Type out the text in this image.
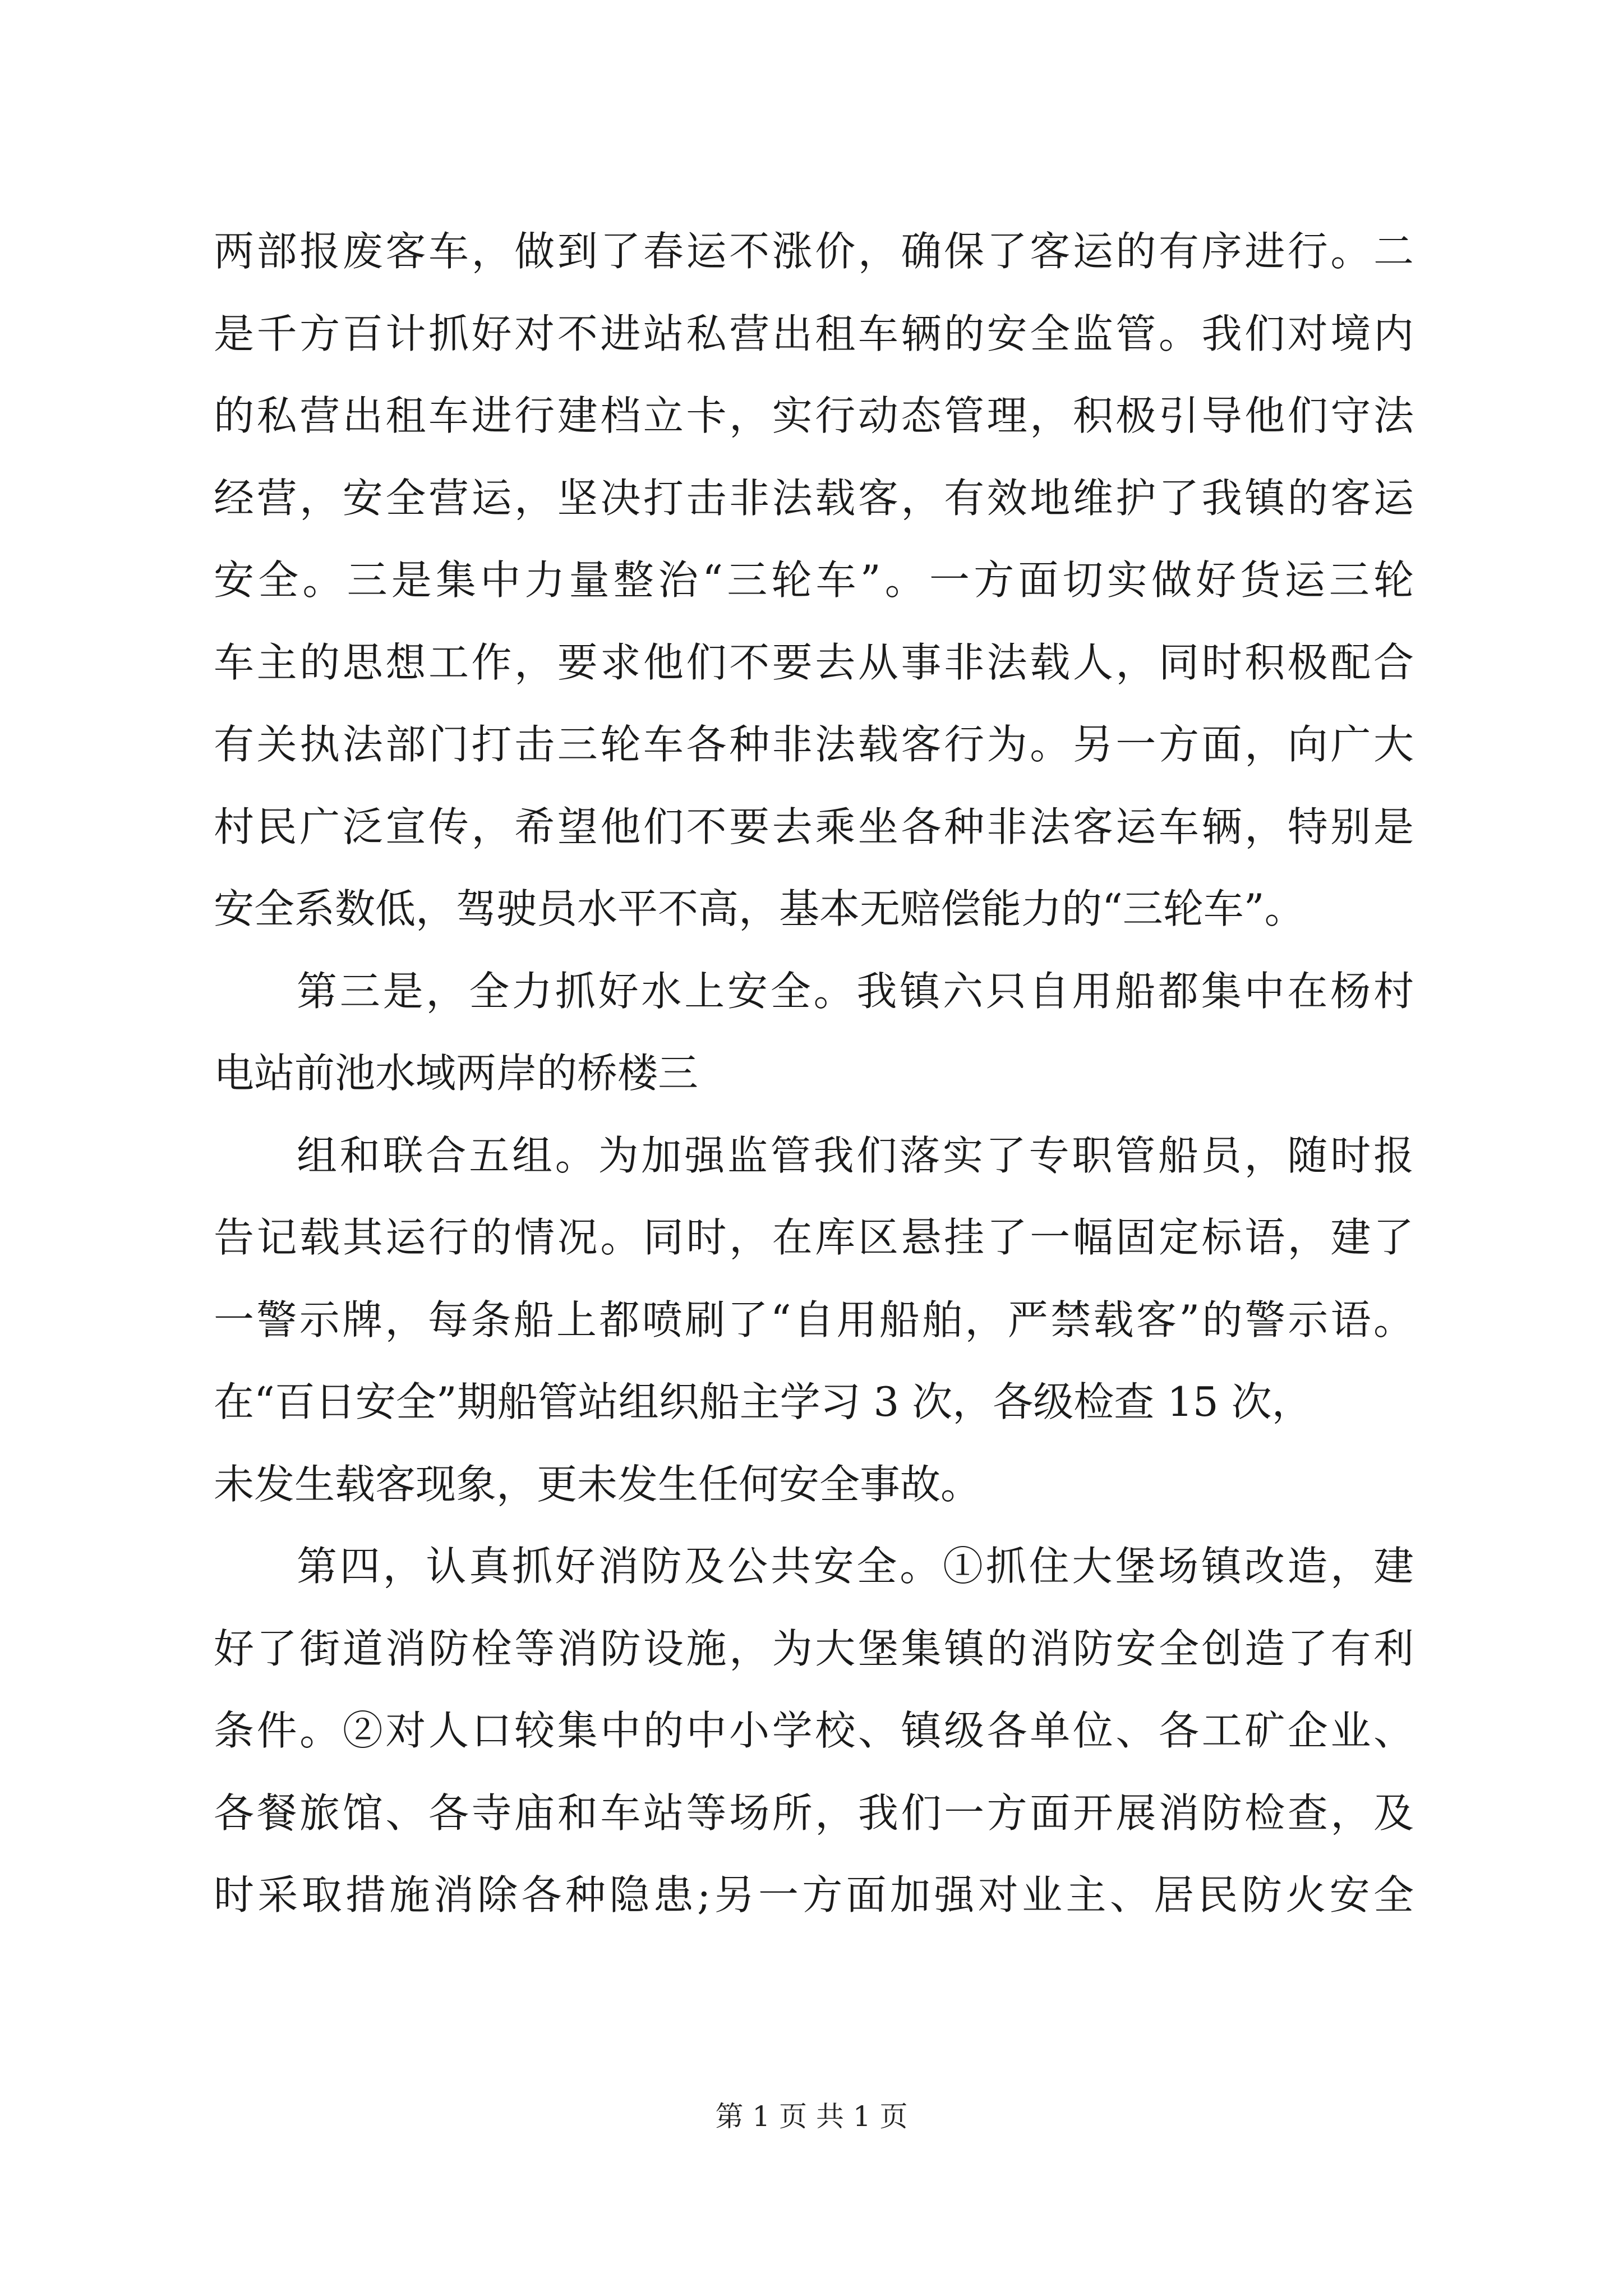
两部报废客车，做到了春运不涨价，确保了客运的有序进行。二
是千方百计抓好对不进站私营出租车辆的安全监管。我们对境内
的私营出租车进行建档立卡，实行动态管理，积极引导他们守法
经营，安全营运，坚决打击非法载客，有效地维护了我镇的客运
安全。三是集中力量整治“三轮车”。一方面切实做好货运三轮
车主的思想工作，要求他们不要去从事非法载人，同时积极配合
有关执法部门打击三轮车各种非法载客行为。另一方面，向广大
村民广泛宣传，希望他们不要去乘坐各种非法客运车辆，特别是
安全系数低，驾驶员水平不高，基本无赔偿能力的“三轮车”。
第三是，全力抓好水上安全。我镇六只自用船都集中在杨村
电站前池水域两岸的桥楼三
组和联合五组。为加强监管我们落实了专职管船员，随时报
告记载其运行的情况。同时，在库区悬挂了一幅固定标语，建了
一警示牌，每条船上都喷刷了“自用船舶，严禁载客”的警示语。
在“百日安全”期船管站组织船主学习 3 次，各级检查 15 次，
未发生载客现象，更未发生任何安全事故。
第四，认真抓好消防及公共安全。①抓住大堡场镇改造，建
好了街道消防栓等消防设施，为大堡集镇的消防安全创造了有利
条件。②对人口较集中的中小学校、镇级各单位、各工矿企业、
各餐旅馆、各寺庙和车站等场所，我们一方面开展消防检查，及
时采取措施消除各种隐患;另一方面加强对业主、居民防火安全
第 1 页 共 1 页
